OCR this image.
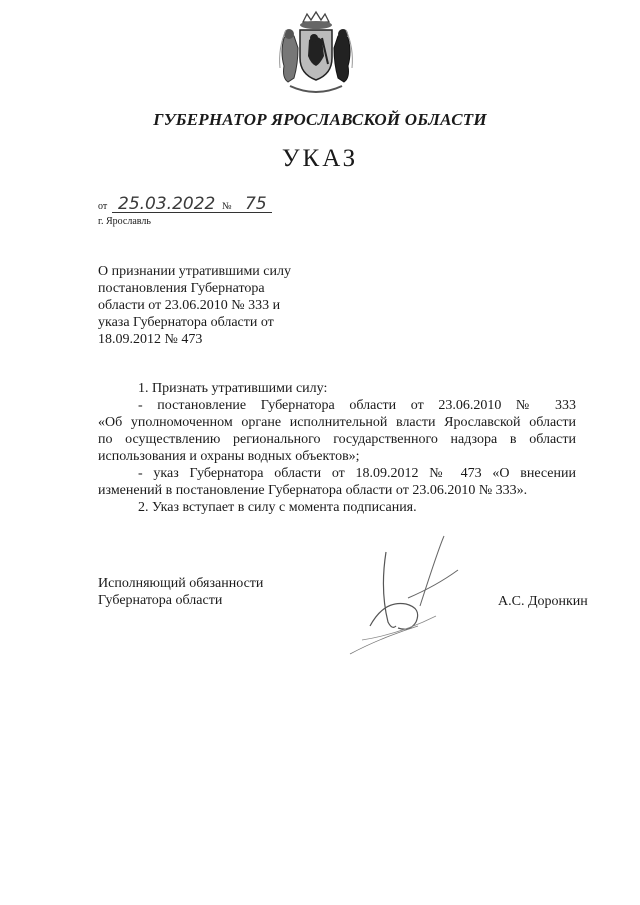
ГУБЕРНАТОР ЯРОСЛАВСКОЙ ОБЛАСТИ
УКАЗ
от 25.03.2022 № 75
г. Ярославль
О признании утратившими силу
постановления Губернатора
области от 23.06.2010 № 333 и
указа Губернатора области от
18.09.2012 № 473
1. Признать утратившими силу:
- постановление Губернатора области от 23.06.2010 № 333
«Об уполномоченном органе исполнительной власти Ярославской области
по осуществлению регионального государственного надзора в области
использования и охраны водных объектов»;
- указ Губернатора области от 18.09.2012 № 473 «О внесении
изменений в постановление Губернатора области от 23.06.2010 № 333».
2. Указ вступает в силу с момента подписания.
Исполняющий обязанности
Губернатора области	А.С. Доронкин
